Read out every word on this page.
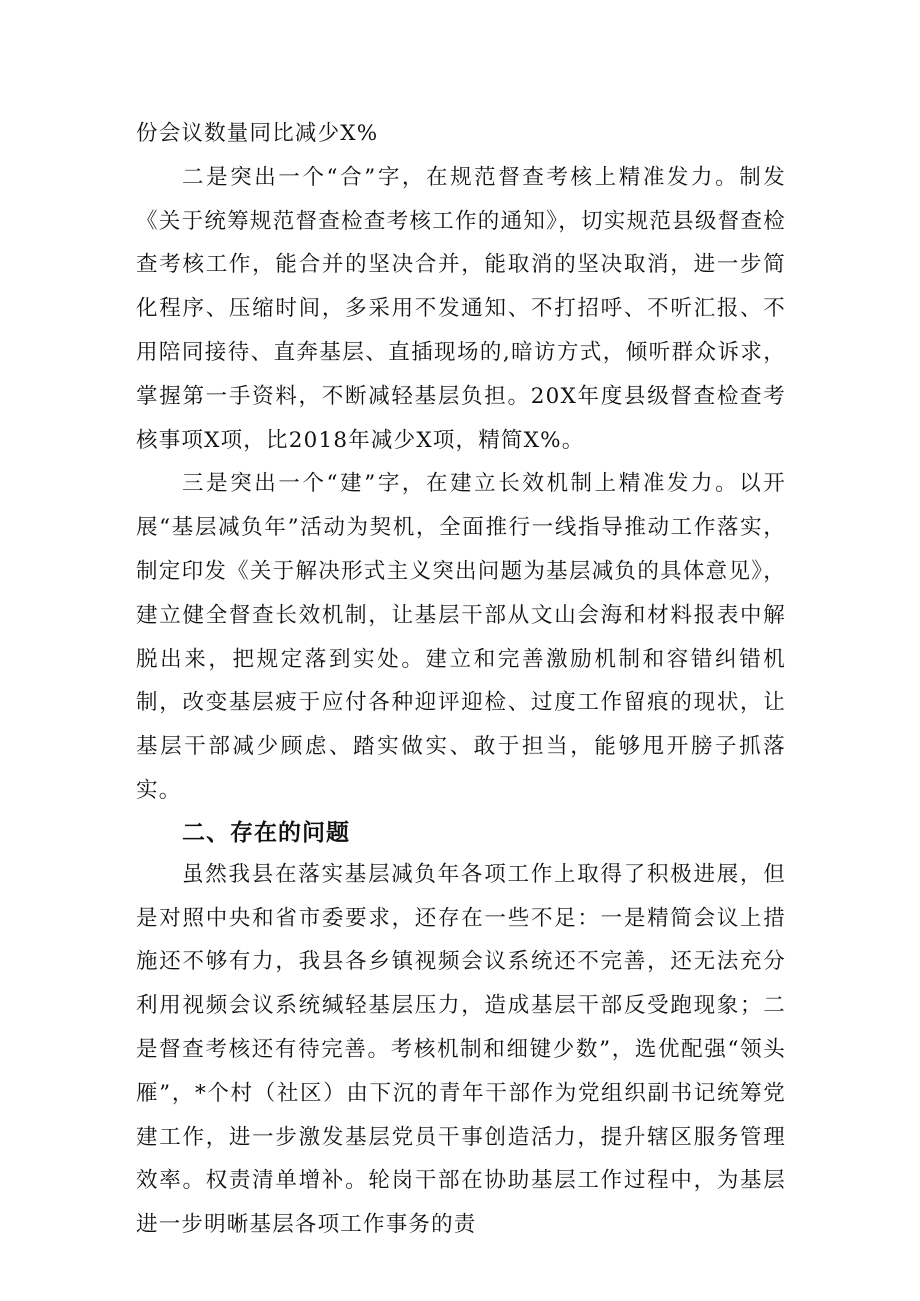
份会议数量同比减少X%

二是突出一个“合”字，在规范督查考核上精准发力。制发《关于统筹规范督查检查考核工作的通知》，切实规范县级督查检查考核工作，能合并的坚决合并，能取消的坚决取消，进一步简化程序、压缩时间，多采用不发通知、不打招呼、不听汇报、不用陪同接待、直奔基层、直插现场的,暗访方式，倾听群众诉求，掌握第一手资料，不断减轻基层负担。20X年度县级督查检查考核事项X项，比2018年减少X项，精简X%。

三是突出一个“建”字，在建立长效机制上精准发力。以开展“基层减负年”活动为契机，全面推行一线指导推动工作落实，制定印发《关于解决形式主义突出问题为基层减负的具体意见》，建立健全督查长效机制，让基层干部从文山会海和材料报表中解脱出来，把规定落到实处。建立和完善激励机制和容错纠错机制，改变基层疲于应付各种迎评迎检、过度工作留痕的现状，让基层干部减少顾虑、踏实做实、敢于担当，能够甩开膀子抓落实。

二、存在的问题

虽然我县在落实基层减负年各项工作上取得了积极进展，但是对照中央和省市委要求，还存在一些不足：一是精简会议上措施还不够有力，我县各乡镇视频会议系统还不完善，还无法充分利用视频会议系统缄轻基层压力，造成基层干部反受跑现象；二是督查考核还有待完善。考核机制和细键少数”，选优配强“领头雁”，*个村（社区）由下沉的青年干部作为党组织副书记统筹党建工作，进一步激发基层党员干事创造活力，提升辖区服务管理效率。权责清单增补。轮岗干部在协助基层工作过程中，为基层进一步明晰基层各项工作事务的责
